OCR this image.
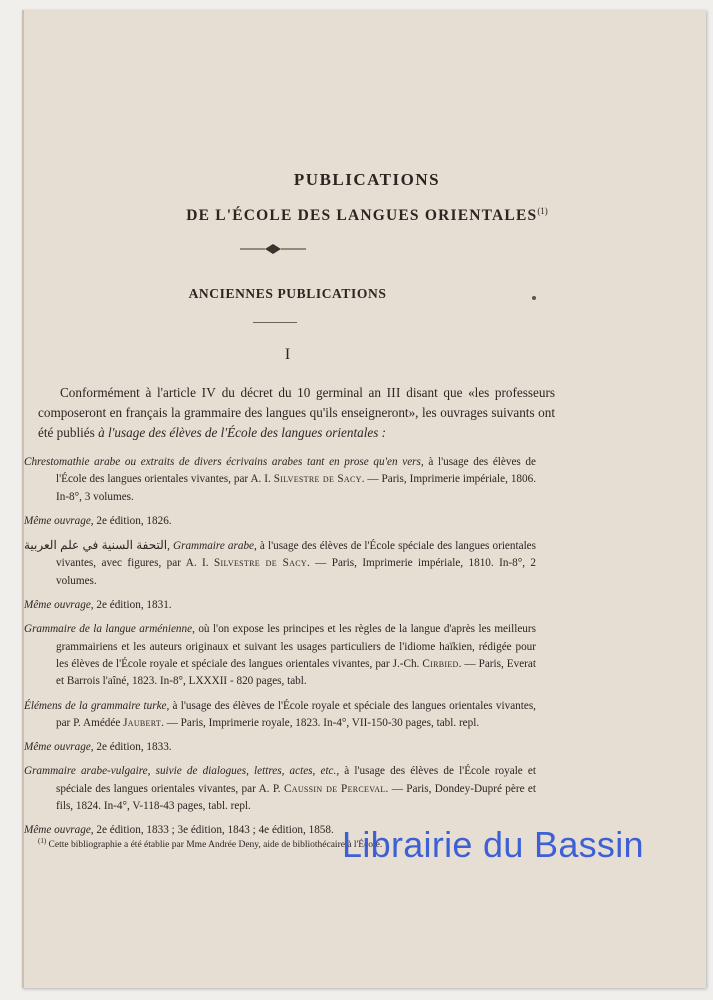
PUBLICATIONS
DE L'ÉCOLE DES LANGUES ORIENTALES$^{(1)}$
ANCIENNES PUBLICATIONS
I
Conformément à l'article IV du décret du 10 germinal an III disant que «les professeurs composeront en français la grammaire des langues qu'ils enseigneront», les ouvrages suivants ont été publiés à l'usage des élèves de l'École des langues orientales :
Chrestomathie arabe ou extraits de divers écrivains arabes tant en prose qu'en vers, à l'usage des élèves de l'École des langues orientales vivantes, par A. I. Silvestre de Sacy. — Paris, Imprimerie impériale, 1806. In-8°, 3 volumes.
Même ouvrage, 2e édition, 1826.
التحفة السنية في علم العربية, Grammaire arabe, à l'usage des élèves de l'École spéciale des langues orientales vivantes, avec figures, par A. I. Silvestre de Sacy. — Paris, Imprimerie impériale, 1810. In-8°, 2 volumes.
Même ouvrage, 2e édition, 1831.
Grammaire de la langue arménienne, où l'on expose les principes et les règles de la langue d'après les meilleurs grammairiens et les auteurs originaux et suivant les usages particuliers de l'idiome haïkien, rédigée pour les élèves de l'École royale et spéciale des langues orientales vivantes, par J.-Ch. Cirbied. — Paris, Everat et Barrois l'aîné, 1823. In-8°, LXXXII - 820 pages, tabl.
Élémens de la grammaire turke, à l'usage des élèves de l'École royale et spéciale des langues orientales vivantes, par P. Amédée Jaubert. — Paris, Imprimerie royale, 1823. In-4°, VII-150-30 pages, tabl. repl.
Même ouvrage, 2e édition, 1833.
Grammaire arabe-vulgaire, suivie de dialogues, lettres, actes, etc., à l'usage des élèves de l'École royale et spéciale des langues orientales vivantes, par A. P. Caussin de Perceval. — Paris, Dondey-Dupré père et fils, 1824. In-4°, V-118-43 pages, tabl. repl.
Même ouvrage, 2e édition, 1833 ; 3e édition, 1843 ; 4e édition, 1858.
$^{(1)}$ Cette bibliographie a été établie par Mme Andrée Deny, aide de bibliothécaire à l'École.
Librairie du Bassin
